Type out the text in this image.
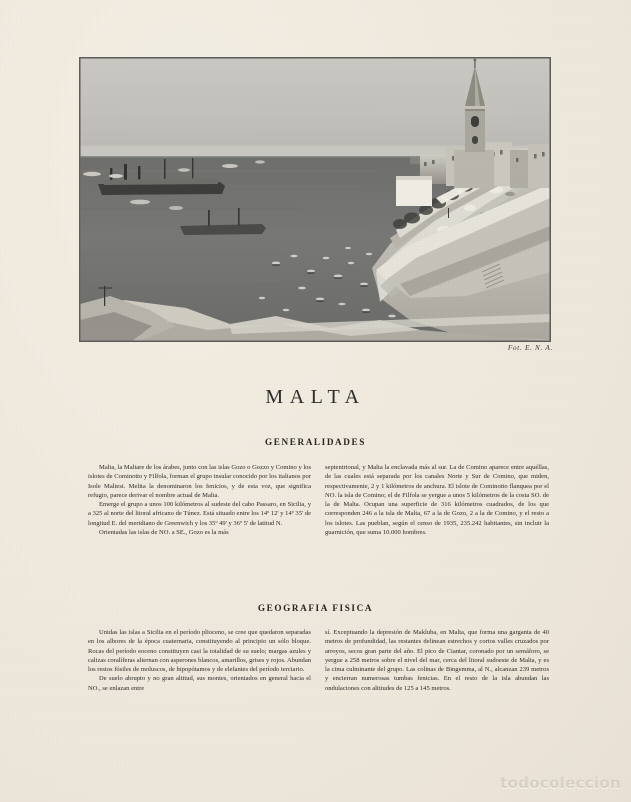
Fot. E. N. A.
MALTA
GENERALIDADES

Malta, la Maltare de los árabes, junto con las islas Gozo o Gozzo y Comino y los islotes de Cominotto y Filfola, forman el grupo insular conocido por los italianos por Isole Maltesi. Melita la denominaron los fenicios, y de esta voz, que significa refugio, parece derivar el nombre actual de Malta.

Emerge el grupo a unos 100 kilómetros al sudeste del cabo Passaro, en Sicilia, y a 325 al norte del litoral africano de Túnez. Está situado entre los 14º 12' y 14º 35' de longitud E. del meridiano de Greenwich y los 35º 49' y 36º 5' de latitud N.

Orientadas las islas de NO. a SE., Gozo es la más

septentrional, y Malta la enclavada más al sur. La de Comino aparece entre aquéllas, de las cuales está separada por los canales Norte y Sur de Comino, que miden, respectivamente, 2 y 1 kilómetros de anchura. El islote de Cominotto flanquea por el NO. la isla de Comino; el de Filfola se yergue a unos 5 kilómetros de la costa SO. de la de Malta. Ocupan una superficie de 316 kilómetros cuadrados, de los que corresponden 246 a la isla de Malta, 67 a la de Gozo, 2 a la de Comino, y el resto a los islotes. Las pueblan, según el censo de 1935, 235.242 habitantes, sin incluir la guarnición, que suma 10.000 hombres.

GEOGRAFIA FISICA

Unidas las islas a Sicilia en el período plioceno, se cree que quedaron separadas en los albores de la época cuaternaria, constituyendo al principio un sólo bloque. Rocas del período eoceno constituyen casi la totalidad de su suelo; margas azules y calizas coralíferas alternan con asperones blancos, amarillos, grises y rojos. Abundan los restos fósiles de moluscos, de hipopótamos y de elefantes del período terciario.

De suelo abrupto y no gran altitud, sus montes, orientados en general hacia el NO., se enlazan entre

sí. Exceptuando la depresión de Makluba, en Malta, que forma una garganta de 40 metros de profundidad, las restantes delinean estrechos y cortos valles cruzados por arroyos, secos gran parte del año. El pico de Ciantar, coronado por un semáforo, se yergue a 258 metros sobre el nivel del mar, cerca del litoral sudoeste de Malta, y es la cima culminante del grupo. Las colinas de Bingemma, al N., alcanzan 239 metros y encierran numerosas tumbas fenicias. En el resto de la isla abundan las ondulaciones con altitudes de 125 a 145 metros.

todocoleccion
